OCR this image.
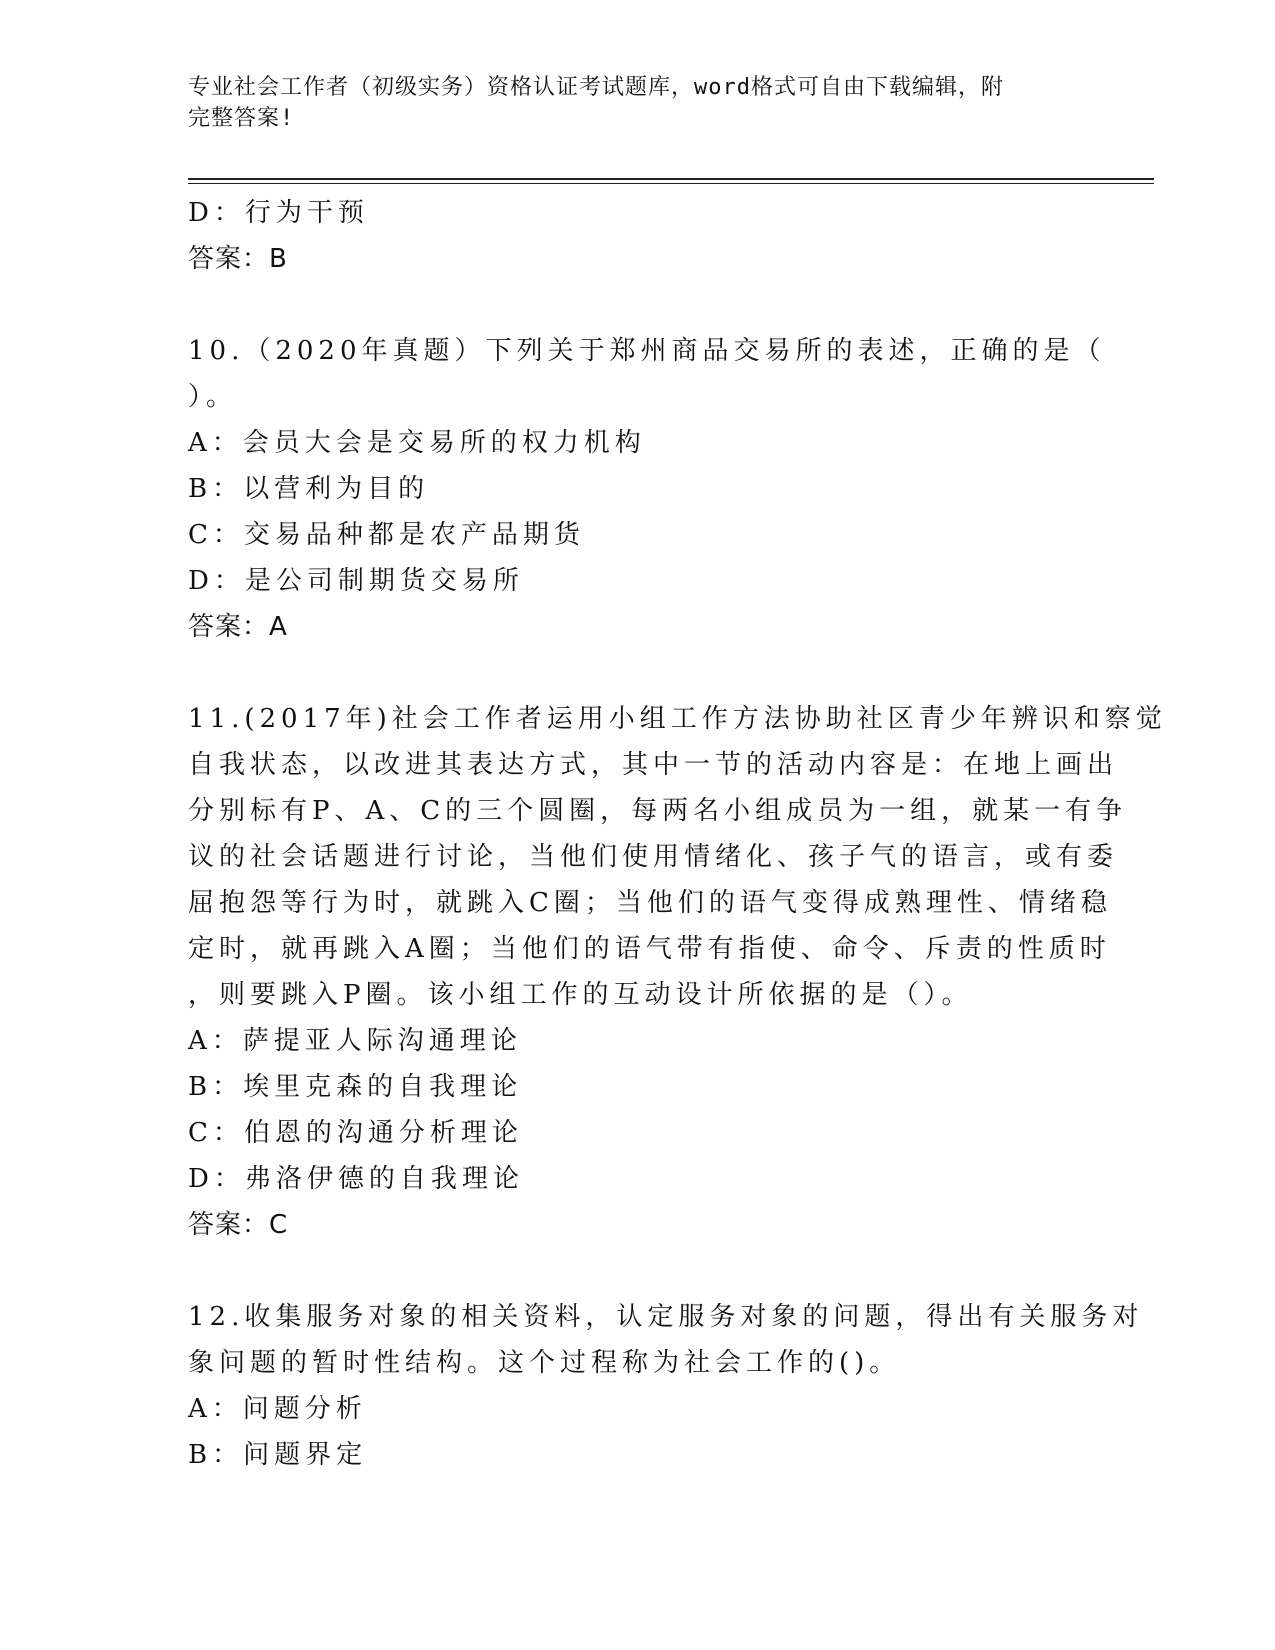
专业社会工作者（初级实务）资格认证考试题库，word格式可自由下载编辑，附
完整答案!
D：行为干预
答案：B
10.（2020年真题）下列关于郑州商品交易所的表述，正确的是（
）。
A：会员大会是交易所的权力机构
B：以营利为目的
C：交易品种都是农产品期货
D：是公司制期货交易所
答案：A
11.(2017年)社会工作者运用小组工作方法协助社区青少年辨识和察觉
自我状态，以改进其表达方式，其中一节的活动内容是：在地上画出
分别标有P、A、C的三个圆圈，每两名小组成员为一组，就某一有争
议的社会话题进行讨论，当他们使用情绪化、孩子气的语言，或有委
屈抱怨等行为时，就跳入C圈；当他们的语气变得成熟理性、情绪稳
定时，就再跳入A圈；当他们的语气带有指使、命令、斥责的性质时
，则要跳入P圈。该小组工作的互动设计所依据的是（）。
A：萨提亚人际沟通理论
B：埃里克森的自我理论
C：伯恩的沟通分析理论
D：弗洛伊德的自我理论
答案：C
12.收集服务对象的相关资料，认定服务对象的问题，得出有关服务对
象问题的暂时性结构。这个过程称为社会工作的()。
A：问题分析
B：问题界定
